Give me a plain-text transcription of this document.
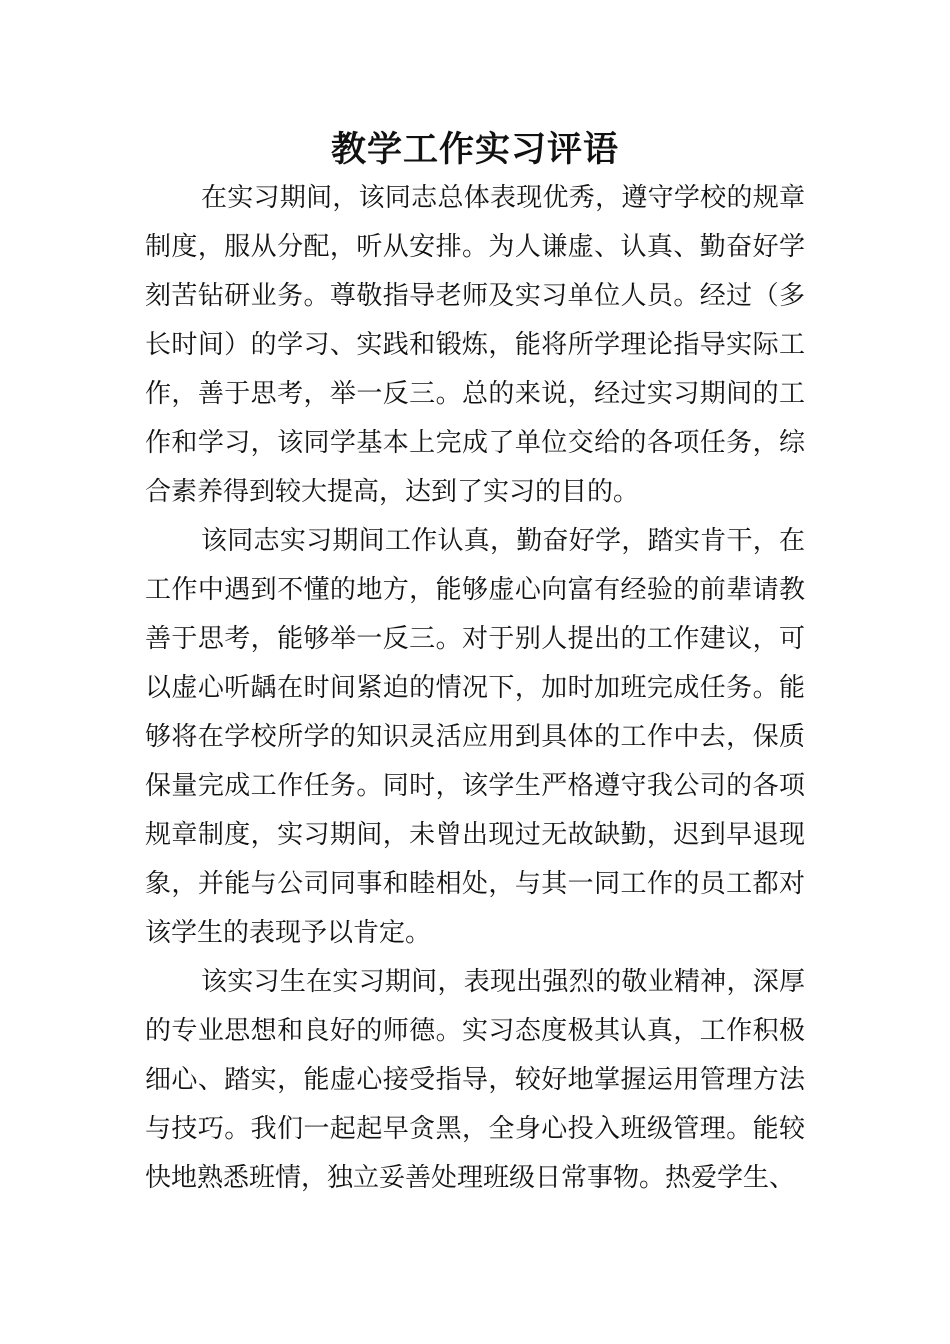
教学工作实习评语

在实习期间，该同志总体表现优秀，遵守学校的规章制度，服从分配，听从安排。为人谦虚、认真、勤奋好学刻苦钻研业务。尊敬指导老师及实习单位人员。经过（多长时间）的学习、实践和锻炼，能将所学理论指导实际工作，善于思考，举一反三。总的来说，经过实习期间的工作和学习，该同学基本上完成了单位交给的各项任务，综合素养得到较大提高，达到了实习的目的。

该同志实习期间工作认真，勤奋好学，踏实肯干，在工作中遇到不懂的地方，能够虚心向富有经验的前辈请教善于思考，能够举一反三。对于别人提出的工作建议，可以虚心听龋在时间紧迫的情况下，加时加班完成任务。能够将在学校所学的知识灵活应用到具体的工作中去，保质保量完成工作任务。同时，该学生严格遵守我公司的各项规章制度，实习期间，未曾出现过无故缺勤，迟到早退现象，并能与公司同事和睦相处，与其一同工作的员工都对该学生的表现予以肯定。

该实习生在实习期间，表现出强烈的敬业精神，深厚的专业思想和良好的师德。实习态度极其认真，工作积极细心、踏实，能虚心接受指导，较好地掌握运用管理方法与技巧。我们一起起早贪黑，全身心投入班级管理。能较快地熟悉班情，独立妥善处理班级日常事物。热爱学生、
